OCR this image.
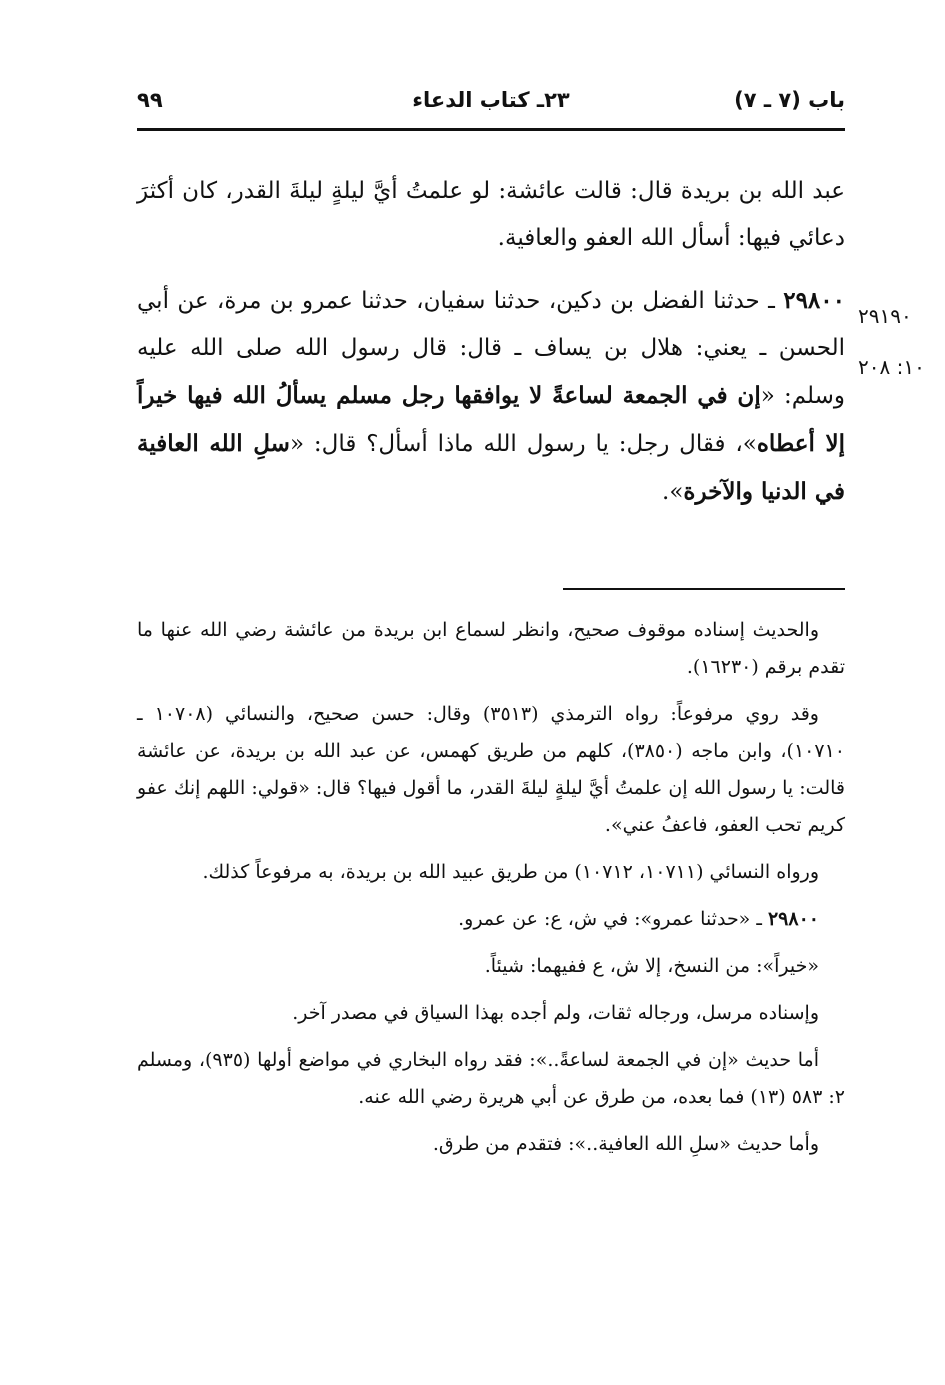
٩٩	٢٣ـ كتاب الدعاء	باب (٧ ـ ٧)

عبد الله بن بريدة قال: قالت عائشة: لو علمتُ أيَّ ليلةٍ ليلةَ القدر، كان أكثرَ دعائي فيها: أسأل الله العفو والعافية.

٢٩٨٠٠ ـ حدثنا الفضل بن دكين، حدثنا سفيان، حدثنا عمرو بن مرة، عن أبي الحسن ـ يعني: هلال بن يساف ـ قال: قال رسول الله صلى الله عليه وسلم: «إن في الجمعة لساعةً لا يوافقها رجل مسلم يسألُ الله فيها خيراً إلا أعطاه»، فقال رجل: يا رسول الله ماذا أسأل؟ قال: «سلِ الله العافية في الدنيا والآخرة».

٢٩١٩٠
١٠: ٢٠٨

والحديث إسناده موقوف صحيح، وانظر لسماع ابن بريدة من عائشة رضي الله عنها ما تقدم برقم (١٦٢٣٠).

وقد روي مرفوعاً: رواه الترمذي (٣٥١٣) وقال: حسن صحيح، والنسائي (١٠٧٠٨ ـ ١٠٧١٠)، وابن ماجه (٣٨٥٠)، كلهم من طريق كهمس، عن عبد الله بن بريدة، عن عائشة قالت: يا رسول الله إن علمتُ أيَّ ليلةٍ ليلةَ القدر، ما أقول فيها؟ قال: «قولي: اللهم إنك عفو كريم تحب العفو، فاعفُ عني».

ورواه النسائي (١٠٧١١، ١٠٧١٢) من طريق عبيد الله بن بريدة، به مرفوعاً كذلك.

٢٩٨٠٠ ـ «حدثنا عمرو»: في ش، ع: عن عمرو.

«خيراً»: من النسخ، إلا ش، ع ففيهما: شيئاً.

وإسناده مرسل، ورجاله ثقات، ولم أجده بهذا السياق في مصدر آخر.

أما حديث «إن في الجمعة لساعةً..»: فقد رواه البخاري في مواضع أولها (٩٣٥)، ومسلم ٢: ٥٨٣ (١٣) فما بعده، من طرق عن أبي هريرة رضي الله عنه.

وأما حديث «سلِ الله العافية..»: فتقدم من طرق.
